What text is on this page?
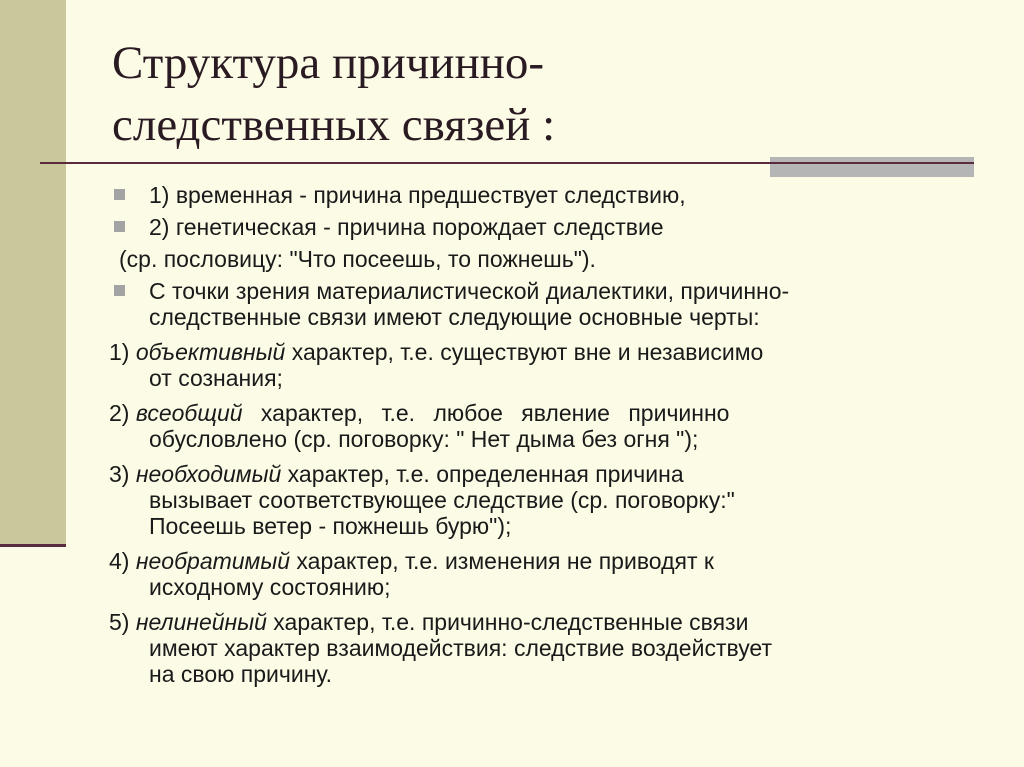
Структура причинно-
следственных связей :

1) временная - причина предшествует следствию,

2) генетическая - причина порождает следствие

(ср. пословицу: "Что посеешь, то пожнешь").

С точки зрения материалистической диалектики, причинно-
следственные связи имеют следующие основные черты:

1) объективный характер, т.е. существуют вне и независимо
от сознания;

2) всеобщий характер, т.е. любое явление причинно
обусловлено (ср. поговорку: " Нет дыма без огня ");

3) необходимый характер, т.е. определенная причина
вызывает соответствующее следствие (ср. поговорку:"
Посеешь ветер - пожнешь бурю");

4) необратимый характер, т.е. изменения не приводят к
исходному состоянию;

5) нелинейный характер, т.е. причинно-следственные связи
имеют характер взаимодействия: следствие воздействует
на свою причину.
